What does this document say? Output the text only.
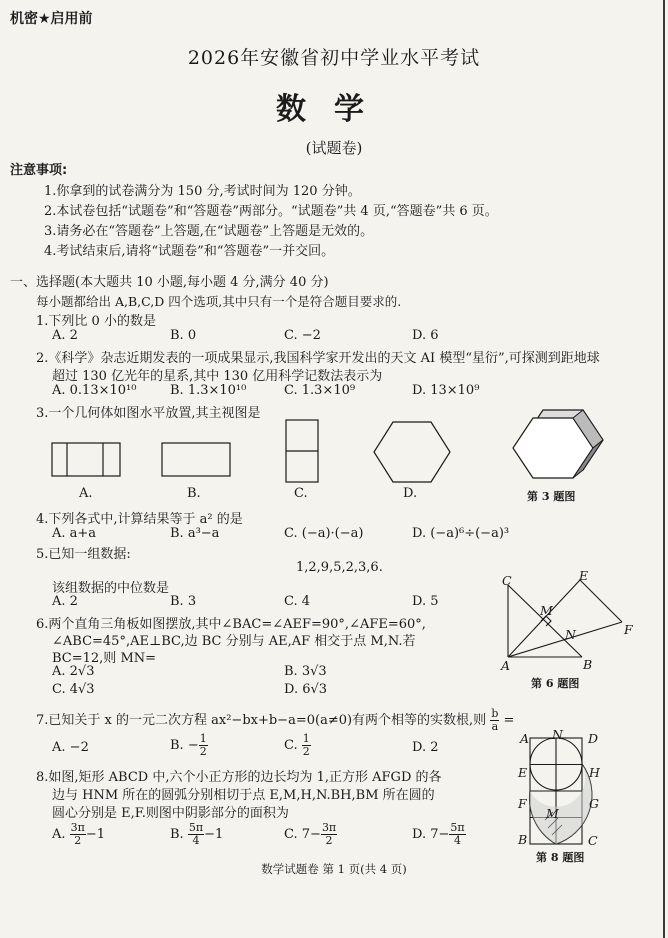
机密★启用前
2026年安徽省初中学业水平考试
数学
(试题卷)
注意事项:
1.你拿到的试卷满分为 150 分,考试时间为 120 分钟。
2.本试卷包括“试题卷”和“答题卷”两部分。“试题卷”共 4 页,“答题卷”共 6 页。
3.请务必在“答题卷”上答题,在“试题卷”上答题是无效的。
4.考试结束后,请将“试题卷”和“答题卷”一并交回。
一、选择题(本大题共 10 小题,每小题 4 分,满分 40 分)
每小题都给出 A,B,C,D 四个选项,其中只有一个是符合题目要求的.
1.下列比 0 小的数是
A. 2	B. 0	C. −2	D. 6
2.《科学》杂志近期发表的一项成果显示,我国科学家开发出的天文 AI 模型“星衍”,可探测到距地球
超过 130 亿光年的星系,其中 130 亿用科学记数法表示为
A. 0.13×10¹⁰	B. 1.3×10¹⁰	C. 1.3×10⁹	D. 13×10⁹
3.一个几何体如图水平放置,其主视图是
A.	B.	C.	D.	第 3 题图
4.下列各式中,计算结果等于 a² 的是
A. a+a	B. a³−a	C. (−a)·(−a)	D. (−a)⁶÷(−a)³
5.已知一组数据:
1,2,9,5,2,3,6.
该组数据的中位数是
A. 2	B. 3	C. 4	D. 5
6.两个直角三角板如图摆放,其中∠BAC=∠AEF=90°,∠AFE=60°,
∠ABC=45°,AE⊥BC,边 BC 分别与 AE,AF 相交于点 M,N.若
BC=12,则 MN=
A. 2√3	B. 3√3
C. 4√3	D. 6√3
C	E
M
N	F
A	B
第 6 题图
7.已知关于 x 的一元二次方程 ax²−bx+b−a=0(a≠0)有两个相等的实数根,则 $\frac{b}{a}$ =
A. −2	B. − $\frac{1}{2}$	C. $\frac{1}{2}$	D. 2
8.如图,矩形 ABCD 中,六个小正方形的边长均为 1,正方形 AFGD 的各
边与 HNM 所在的圆弧分别相切于点 E,M,H,N.BH,BM 所在圆的
圆心分别是 E,F.则图中阴影部分的面积为
A. $\frac{3\pi}{2} -1$	B. $\frac{5\pi}{4} -1$	C. $7- \frac{3\pi}{2}$	D. $7- \frac{5\pi}{4}$
A N D
E	H
F	G
B
M
C
第 8 题图
数学试题卷 第 1 页(共 4 页)
